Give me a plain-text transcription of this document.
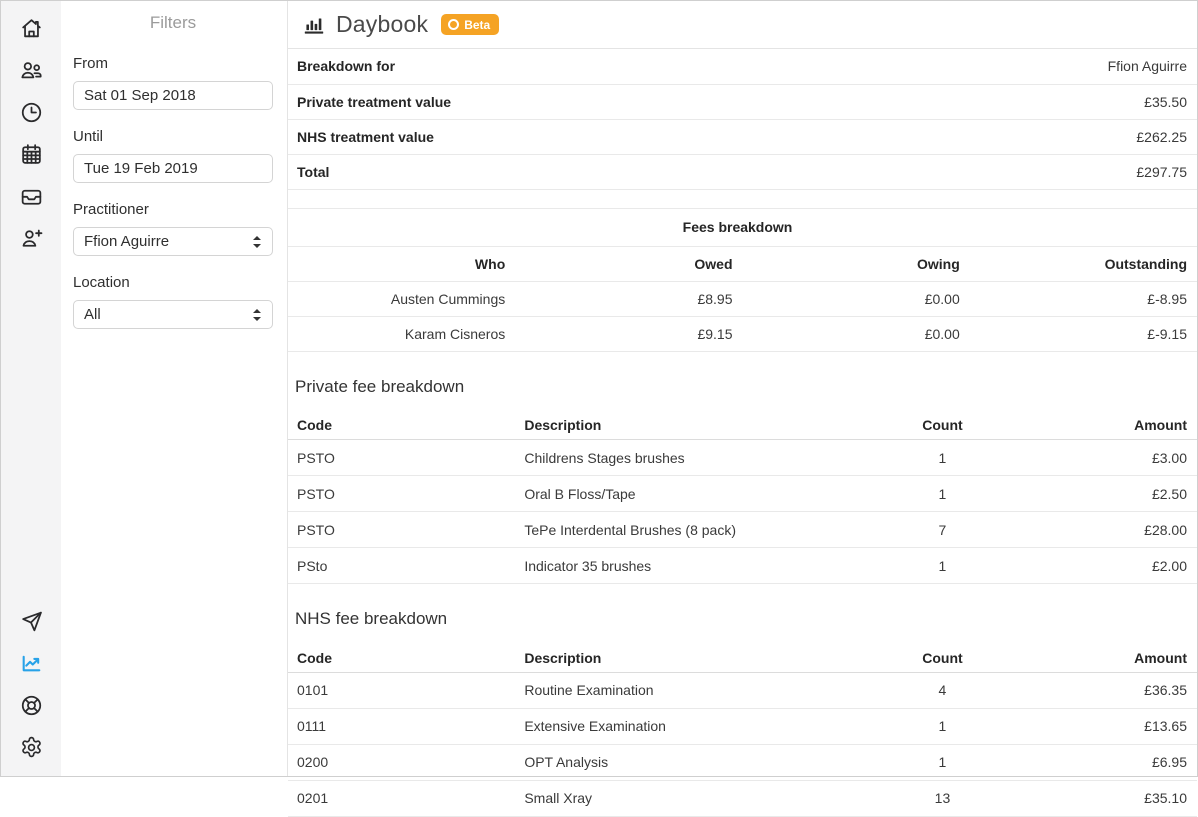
Filters
From
Sat 01 Sep 2018
Until
Tue 19 Feb 2019
Practitioner
Ffion Aguirre
Location
All
Daybook	Beta
Breakdown for	Ffion Aguirre
Private treatment value	£35.50
NHS treatment value	£262.25
Total	£297.75
Fees breakdown			
Who	Owed	Owing	Outstanding
Austen Cummings	£8.95	£0.00	£-8.95
Karam Cisneros	£9.15	£0.00	£-9.15
Private fee breakdown
Code	Description	Count	Amount
PSTO	Childrens Stages brushes	1	£3.00
PSTO	Oral B Floss/Tape	1	£2.50
PSTO	TePe Interdental Brushes (8 pack)	7	£28.00
PSto	Indicator 35 brushes	1	£2.00
NHS fee breakdown
Code	Description	Count	Amount
0101	Routine Examination	4	£36.35
0111	Extensive Examination	1	£13.65
0200	OPT Analysis	1	£6.95
0201	Small Xray	13	£35.10
